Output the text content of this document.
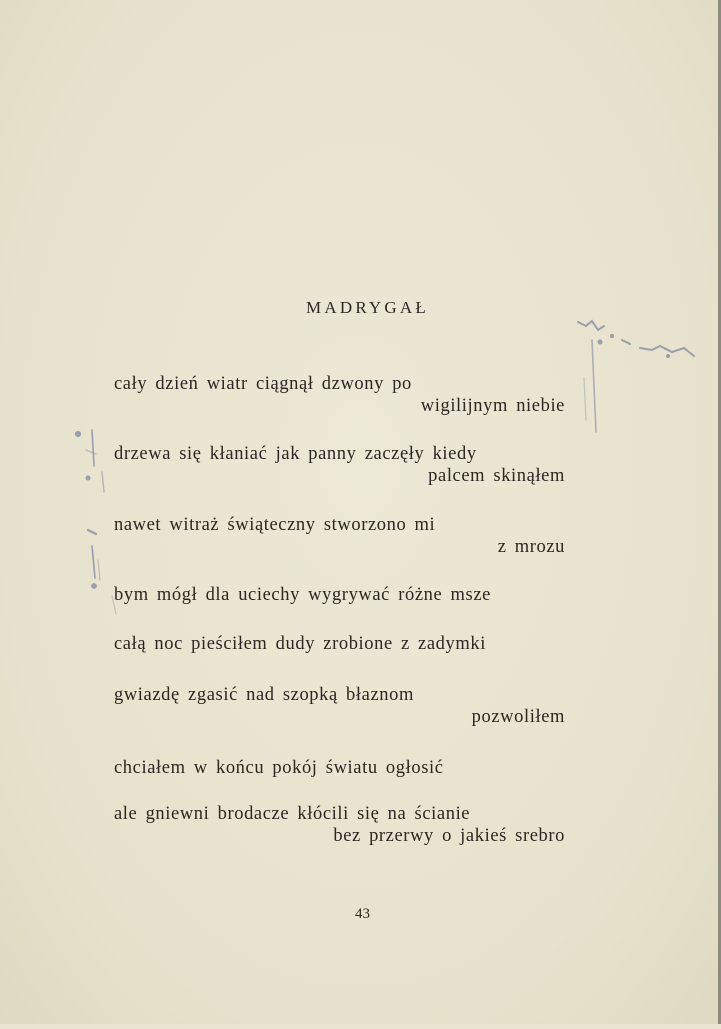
MADRYGAŁ
cały dzień wiatr ciągnął dzwony po
wigilijnym niebie
drzewa się kłaniać jak panny zaczęły kiedy
palcem skinąłem
nawet witraż świąteczny stworzono mi
z mrozu
bym mógł dla uciechy wygrywać różne msze
całą noc pieściłem dudy zrobione z zadymki
gwiazdę zgasić nad szopką błaznom
pozwoliłem
chciałem w końcu pokój światu ogłosić
ale gniewni brodacze kłócili się na ścianie
bez przerwy o jakieś srebro
43
